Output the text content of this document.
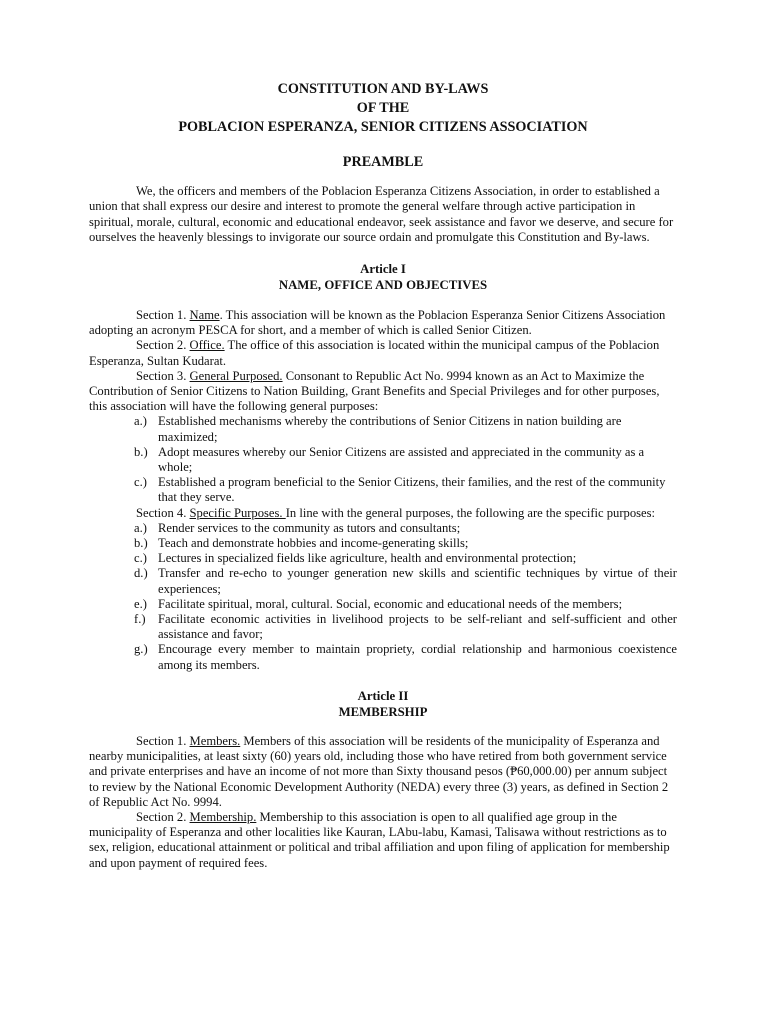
CONSTITUTION AND BY-LAWS
OF THE
POBLACION ESPERANZA, SENIOR CITIZENS ASSOCIATION
PREAMBLE

We, the officers and members of the Poblacion Esperanza Citizens Association, in order to established a union that shall express our desire and interest to promote the general welfare through active participation in spiritual, morale, cultural, economic and educational endeavor, seek assistance and favor we deserve, and secure for ourselves the heavenly blessings to invigorate our source ordain and promulgate this Constitution and By-laws.

Article I
NAME, OFFICE AND OBJECTIVES

Section 1. Name. This association will be known as the Poblacion Esperanza Senior Citizens Association adopting an acronym PESCA for short, and a member of which is called Senior Citizen.

Section 2. Office. The office of this association is located within the municipal campus of the Poblacion Esperanza, Sultan Kudarat.

Section 3. General Purposed. Consonant to Republic Act No. 9994 known as an Act to Maximize the Contribution of Senior Citizens to Nation Building, Grant Benefits and Special Privileges and for other purposes, this association will have the following general purposes:

a.) Established mechanisms whereby the contributions of Senior Citizens in nation building are maximized;
b.) Adopt measures whereby our Senior Citizens are assisted and appreciated in the community as a whole;
c.) Established a program beneficial to the Senior Citizens, their families, and the rest of the community that they serve.

Section 4. Specific Purposes. In line with the general purposes, the following are the specific purposes:

a.) Render services to the community as tutors and consultants;
b.) Teach and demonstrate hobbies and income-generating skills;
c.) Lectures in specialized fields like agriculture, health and environmental protection;
d.) Transfer and re-echo to younger generation new skills and scientific techniques by virtue of their experiences;
e.) Facilitate spiritual, moral, cultural. Social, economic and educational needs of the members;
f.) Facilitate economic activities in livelihood projects to be self-reliant and self-sufficient and other assistance and favor;
g.) Encourage every member to maintain propriety, cordial relationship and harmonious coexistence among its members.
Article II
MEMBERSHIP

Section 1. Members. Members of this association will be residents of the municipality of Esperanza and nearby municipalities, at least sixty (60) years old, including those who have retired from both government service and private enterprises and have an income of not more than Sixty thousand pesos (₱60,000.00) per annum subject to review by the National Economic Development Authority (NEDA) every three (3) years, as defined in Section 2 of Republic Act No. 9994.

Section 2. Membership. Membership to this association is open to all qualified age group in the municipality of Esperanza and other localities like Kauran, LAbu-labu, Kamasi, Talisawa without restrictions as to sex, religion, educational attainment or political and tribal affiliation and upon filing of application for membership and upon payment of required fees.
